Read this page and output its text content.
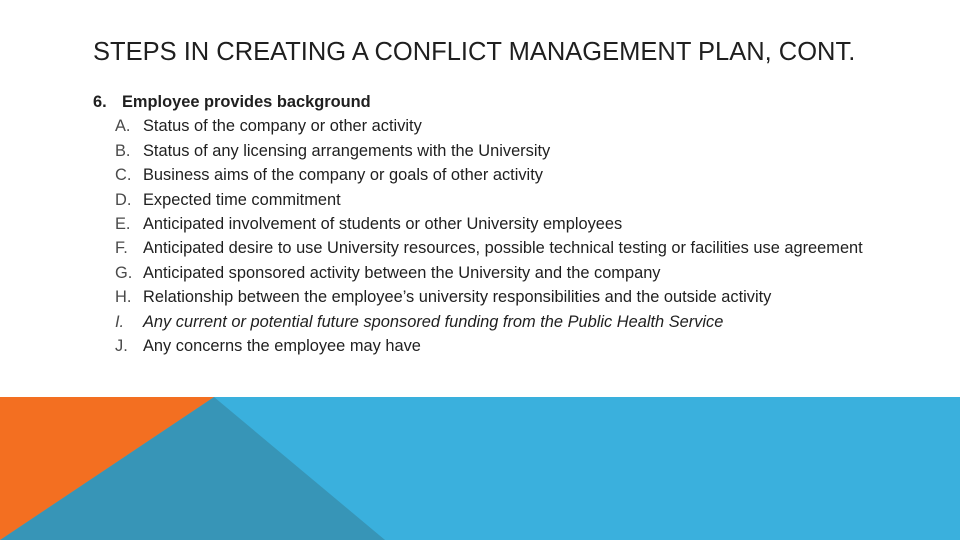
STEPS IN CREATING A CONFLICT MANAGEMENT PLAN, CONT.
6. Employee provides background
A. Status of the company or other activity
B. Status of any licensing arrangements with the University
C. Business aims of the company or goals of other activity
D. Expected time commitment
E. Anticipated involvement of students or other University employees
F. Anticipated desire to use University resources, possible technical testing or facilities use agreement
G. Anticipated sponsored activity between the University and the company
H. Relationship between the employee’s university responsibilities and the outside activity
I.	Any current or potential future sponsored funding from the Public Health Service
J. Any concerns the employee may have
